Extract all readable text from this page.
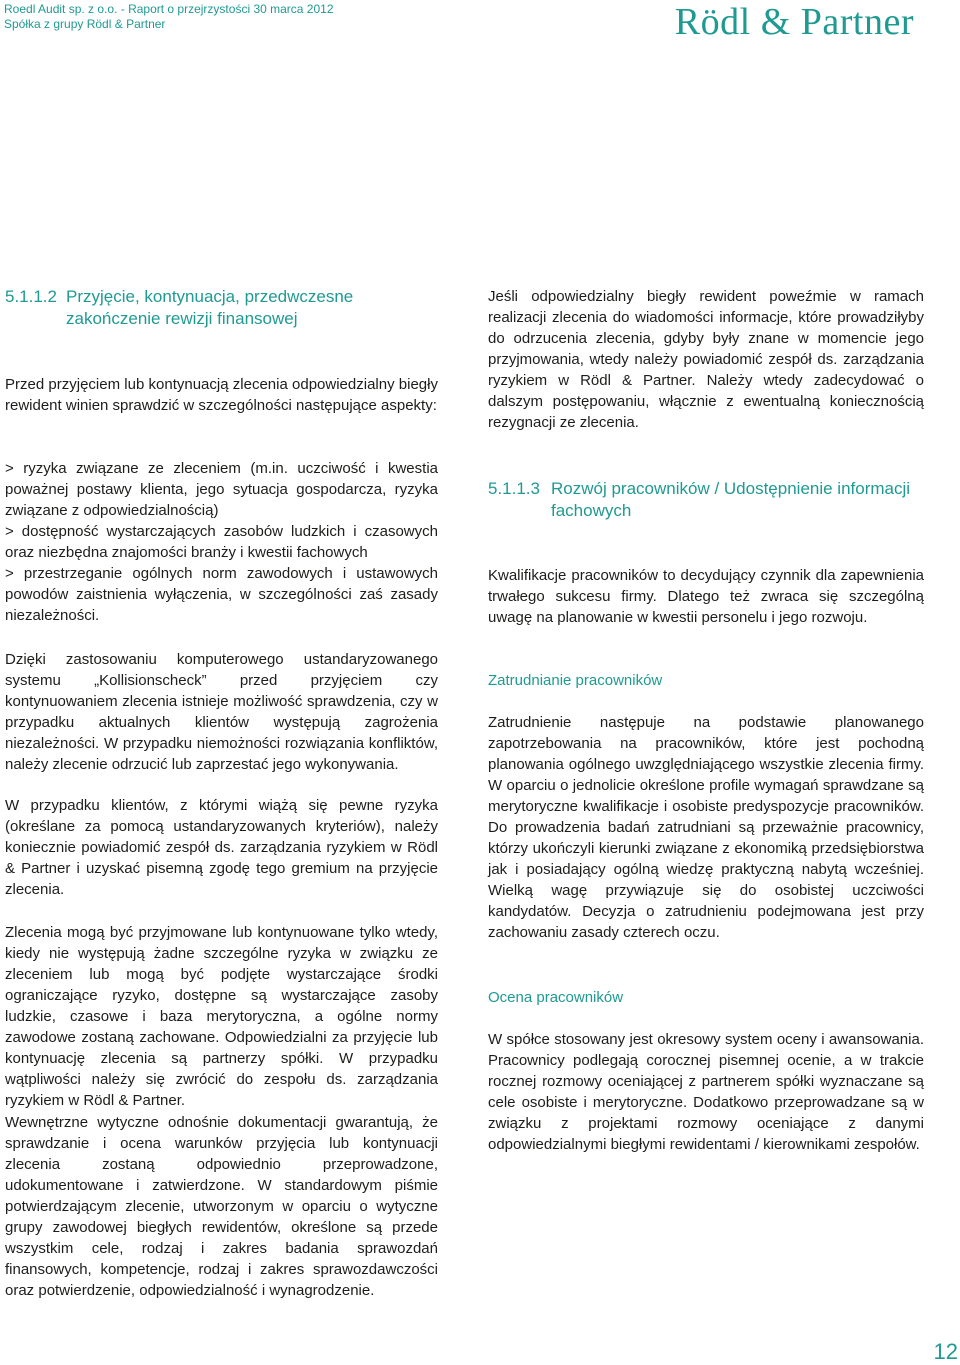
Roedl Audit sp. z o.o. - Raport o przejrzystości 30 marca 2012
Spółka z grupy Rödl & Partner	Rödl & Partner
5.1.1.2 Przyjęcie, kontynuacja, przedwczesne
zakończenie rewizji finansowej

Przed przyjęciem lub kontynuacją zlecenia odpowiedzialny biegły rewident winien sprawdzić w szczególności następujące aspekty:

> ryzyka związane ze zleceniem (m.in. uczciwość i kwestia poważnej postawy klienta, jego sytuacja gospodarcza, ryzyka związane z odpowiedzialnością)
> dostępność wystarczających zasobów ludzkich i czasowych oraz niezbędna znajomości branży i kwestii fachowych
> przestrzeganie ogólnych norm zawodowych i ustawowych powodów zaistnienia wyłączenia, w szczególności zaś zasady niezależności.

Dzięki zastosowaniu komputerowego ustandaryzowanego systemu „Kollisionscheck” przed przyjęciem czy kontynuowaniem zlecenia istnieje możliwość sprawdzenia, czy w przypadku aktualnych klientów występują zagrożenia niezależności. W przypadku niemożności rozwiązania konfliktów, należy zlecenie odrzucić lub zaprzestać jego wykonywania.

W przypadku klientów, z którymi wiążą się pewne ryzyka (określane za pomocą ustandaryzowanych kryteriów), należy koniecznie powiadomić zespół ds. zarządzania ryzykiem w Rödl & Partner i uzyskać pisemną zgodę tego gremium na przyjęcie zlecenia.

Zlecenia mogą być przyjmowane lub kontynuowane tylko wtedy, kiedy nie występują żadne szczególne ryzyka w związku ze zleceniem lub mogą być podjęte wystarczające środki ograniczające ryzyko, dostępne są wystarczające zasoby ludzkie, czasowe i baza merytoryczna, a ogólne normy zawodowe zostaną zachowane. Odpowiedzialni za przyjęcie lub kontynuację zlecenia są partnerzy spółki. W przypadku wątpliwości należy się zwrócić do zespołu ds. zarządzania ryzykiem w Rödl & Partner.

Wewnętrzne wytyczne odnośnie dokumentacji gwarantują, że sprawdzanie i ocena warunków przyjęcia lub kontynuacji zlecenia zostaną odpowiednio przeprowadzone, udokumentowane i zatwierdzone. W standardowym piśmie potwierdzającym zlecenie, utworzonym w oparciu o wytyczne grupy zawodowej biegłych rewidentów, określone są przede wszystkim cele, rodzaj i zakres badania sprawozdań finansowych, kompetencje, rodzaj i zakres sprawozdawczości oraz potwierdzenie, odpowiedzialność i wynagrodzenie.

Jeśli odpowiedzialny biegły rewident poweźmie w ramach realizacji zlecenia do wiadomości informacje, które prowadziłyby do odrzucenia zlecenia, gdyby były znane w momencie jego przyjmowania, wtedy należy powiadomić zespół ds. zarządzania ryzykiem w Rödl & Partner. Należy wtedy zadecydować o dalszym postępowaniu, włącznie z ewentualną koniecznością rezygnacji ze zlecenia.

5.1.1.3 Rozwój pracowników / Udostępnienie informacji
fachowych

Kwalifikacje pracowników to decydujący czynnik dla zapewnienia trwałego sukcesu firmy. Dlatego też zwraca się szczególną uwagę na planowanie w kwestii personelu i jego rozwoju.

Zatrudnianie pracowników

Zatrudnienie następuje na podstawie planowanego zapotrzebowania na pracowników, które jest pochodną planowania ogólnego uwzględniającego wszystkie zlecenia firmy. W oparciu o jednolicie określone profile wymagań sprawdzane są merytoryczne kwalifikacje i osobiste predyspozycje pracowników. Do prowadzenia badań zatrudniani są przeważnie pracownicy, którzy ukończyli kierunki związane z ekonomiką przedsiębiorstwa jak i posiadający ogólną wiedzę praktyczną nabytą wcześniej. Wielką wagę przywiązuje się do osobistej uczciwości kandydatów. Decyzja o zatrudnieniu podejmowana jest przy zachowaniu zasady czterech oczu.

Ocena pracowników

W spółce stosowany jest okresowy system oceny i awansowania. Pracownicy podlegają corocznej pisemnej ocenie, a w trakcie rocznej rozmowy oceniającej z partnerem spółki wyznaczane są cele osobiste i merytoryczne. Dodatkowo przeprowadzane są w związku z projektami rozmowy oceniające z danymi odpowiedzialnymi biegłymi rewidentami / kierownikami zespołów.

12
